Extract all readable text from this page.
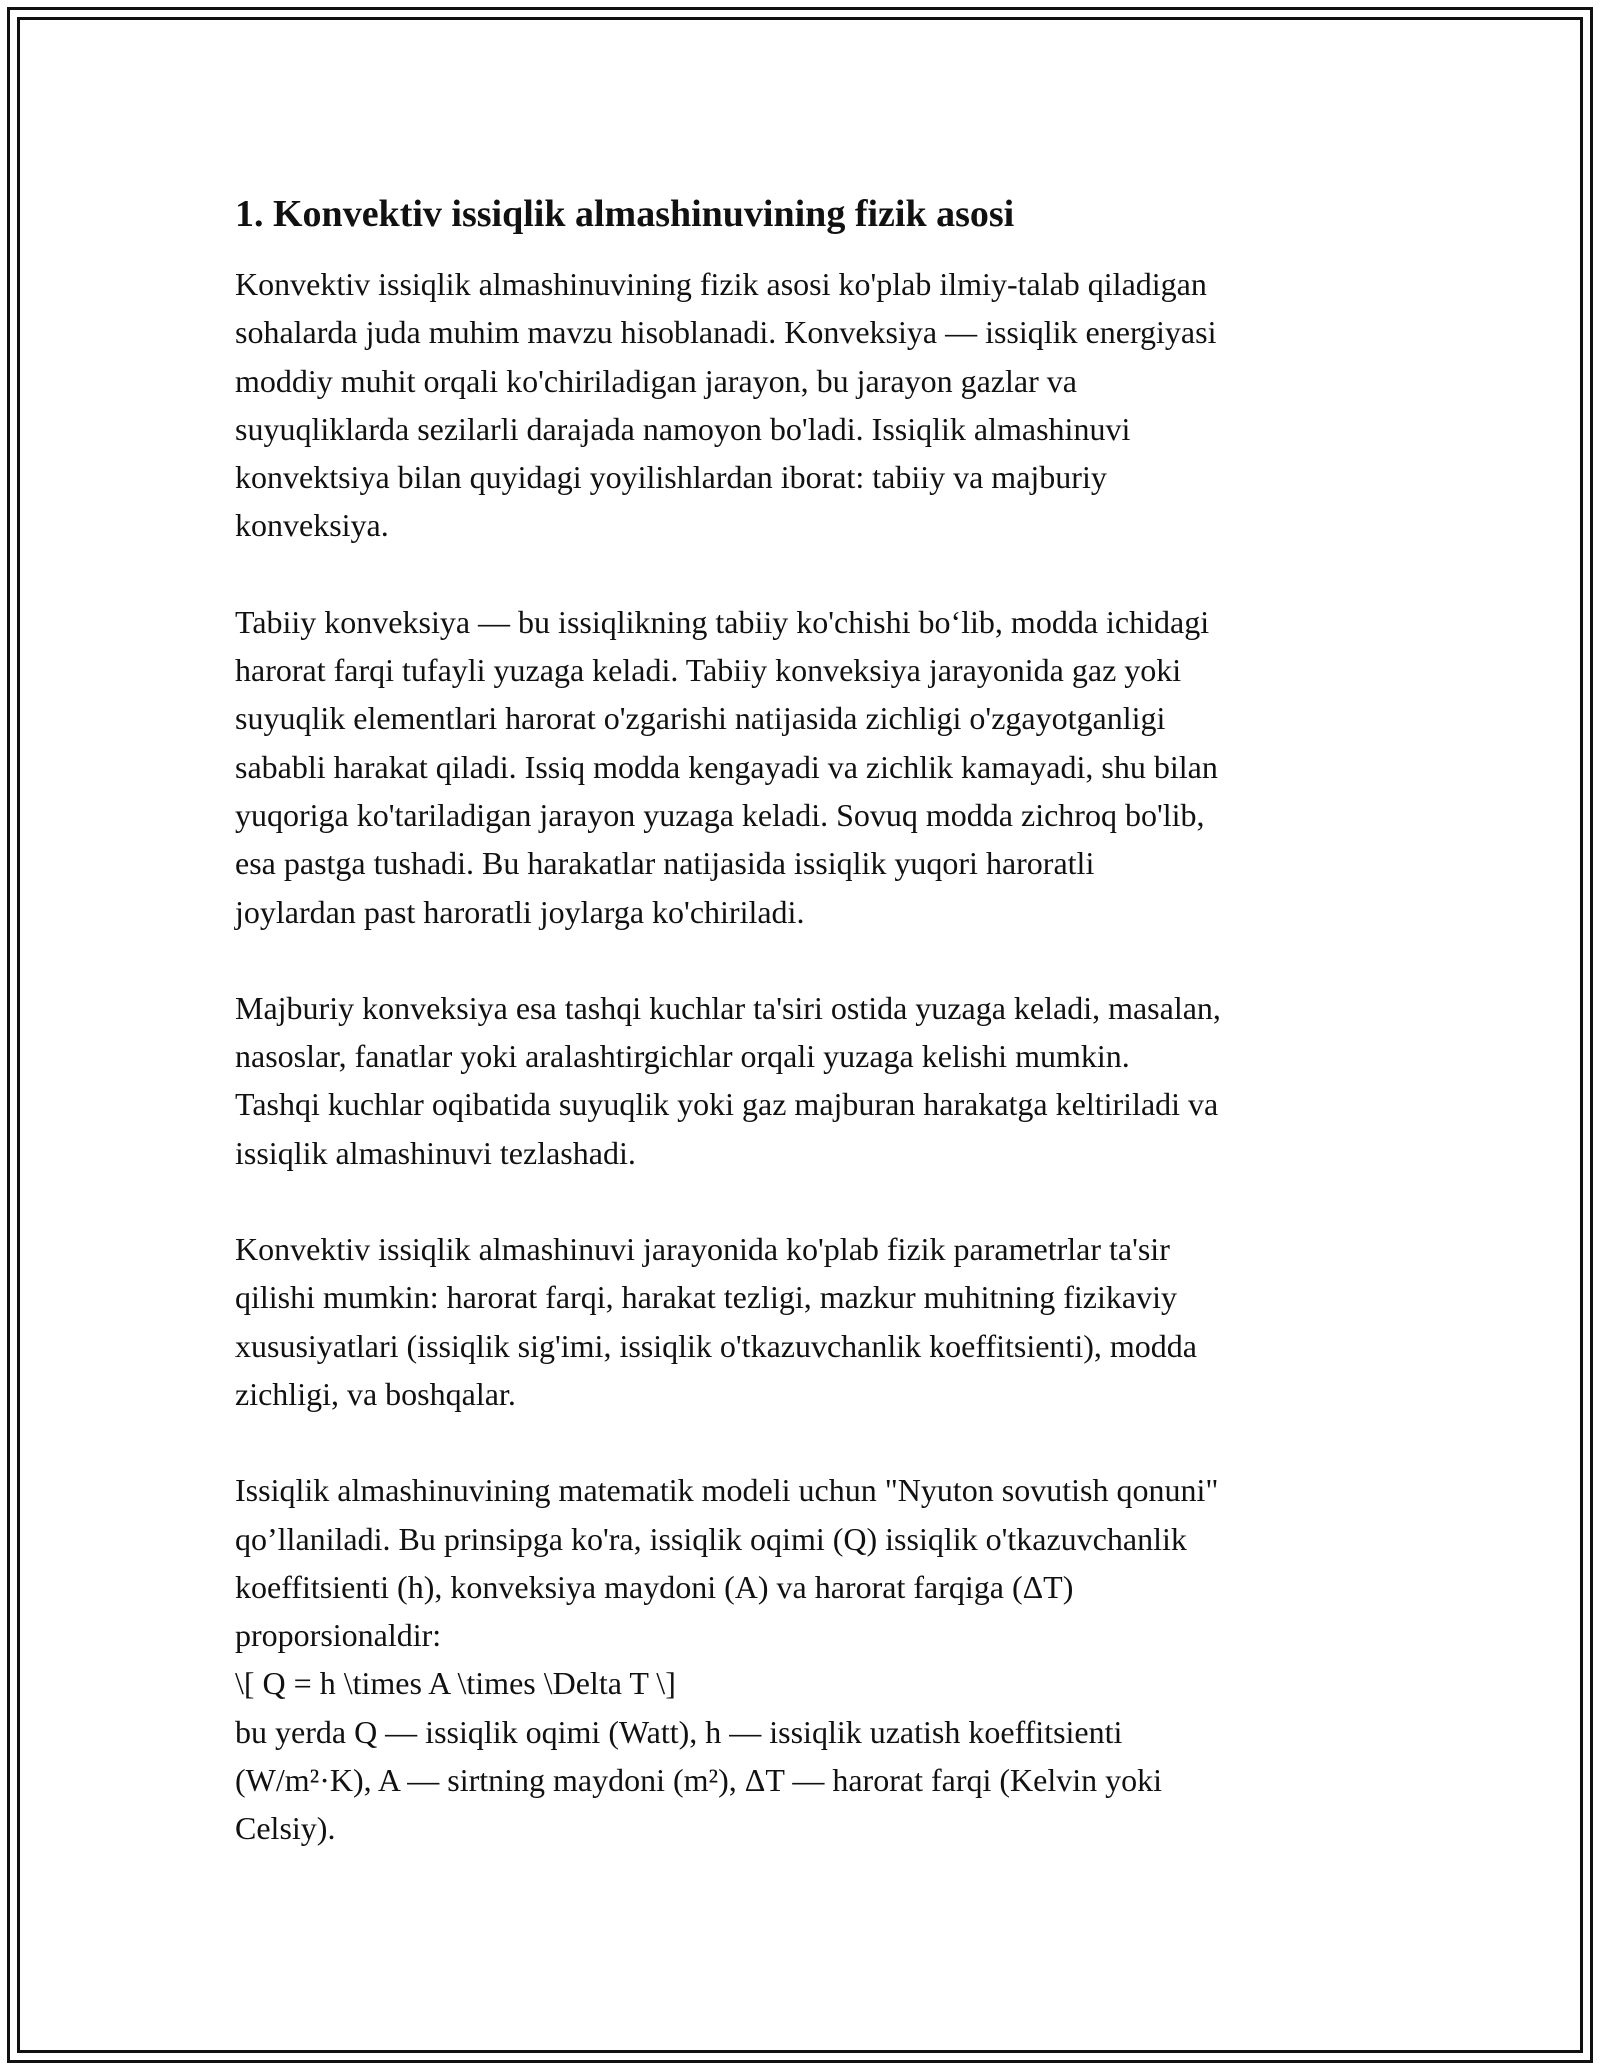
1. Konvektiv issiqlik almashinuvining fizik asosi

Konvektiv issiqlik almashinuvining fizik asosi ko'plab ilmiy-talab qiladigan
sohalarda juda muhim mavzu hisoblanadi. Konveksiya — issiqlik energiyasi
moddiy muhit orqali ko'chiriladigan jarayon, bu jarayon gazlar va
suyuqliklarda sezilarli darajada namoyon bo'ladi. Issiqlik almashinuvi
konvektsiya bilan quyidagi yoyilishlardan iborat: tabiiy va majburiy
konveksiya.

Tabiiy konveksiya — bu issiqlikning tabiiy ko'chishi bo‘lib, modda ichidagi
harorat farqi tufayli yuzaga keladi. Tabiiy konveksiya jarayonida gaz yoki
suyuqlik elementlari harorat o'zgarishi natijasida zichligi o'zgayotganligi
sababli harakat qiladi. Issiq modda kengayadi va zichlik kamayadi, shu bilan
yuqoriga ko'tariladigan jarayon yuzaga keladi. Sovuq modda zichroq bo'lib,
esa pastga tushadi. Bu harakatlar natijasida issiqlik yuqori haroratli
joylardan past haroratli joylarga ko'chiriladi.

Majburiy konveksiya esa tashqi kuchlar ta'siri ostida yuzaga keladi, masalan,
nasoslar, fanatlar yoki aralashtirgichlar orqali yuzaga kelishi mumkin.
Tashqi kuchlar oqibatida suyuqlik yoki gaz majburan harakatga keltiriladi va
issiqlik almashinuvi tezlashadi.

Konvektiv issiqlik almashinuvi jarayonida ko'plab fizik parametrlar ta'sir
qilishi mumkin: harorat farqi, harakat tezligi, mazkur muhitning fizikaviy
xususiyatlari (issiqlik sig'imi, issiqlik o'tkazuvchanlik koeffitsienti), modda
zichligi, va boshqalar.

Issiqlik almashinuvining matematik modeli uchun "Nyuton sovutish qonuni"
qo’llaniladi. Bu prinsipga ko'ra, issiqlik oqimi (Q) issiqlik o'tkazuvchanlik
koeffitsienti (h), konveksiya maydoni (A) va harorat farqiga (ΔT)
proporsionaldir:
\[ Q = h \times A \times \Delta T \]
bu yerda Q — issiqlik oqimi (Watt), h — issiqlik uzatish koeffitsienti
(W/m²·K), A — sirtning maydoni (m²), ΔT — harorat farqi (Kelvin yoki
Celsiy).
